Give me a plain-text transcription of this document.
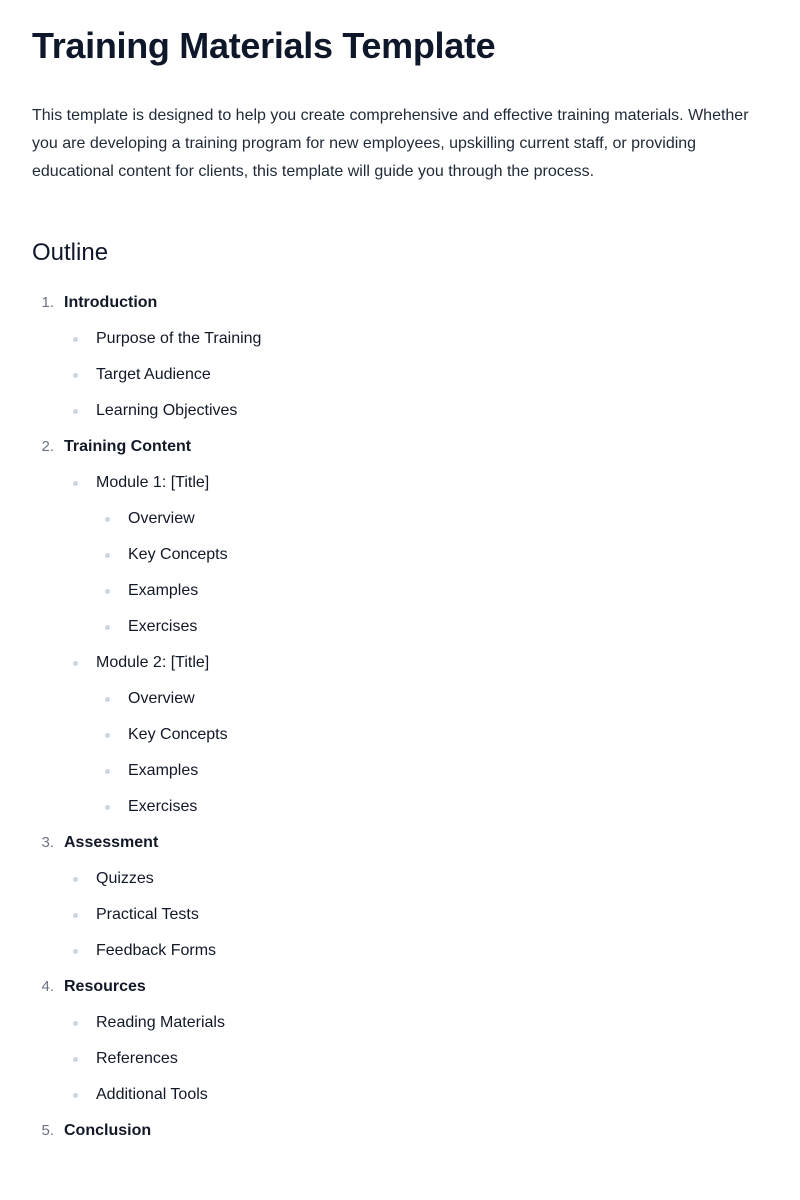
Training Materials Template

This template is designed to help you create comprehensive and effective training materials. Whether you are developing a training program for new employees, upskilling current staff, or providing educational content for clients, this template will guide you through the process.

Outline
1. Introduction
Purpose of the Training
Target Audience
Learning Objectives
2. Training Content
Module 1: [Title]
Overview
Key Concepts
Examples
Exercises
Module 2: [Title]
Overview
Key Concepts
Examples
Exercises
3. Assessment
Quizzes
Practical Tests
Feedback Forms
4. Resources
Reading Materials
References
Additional Tools
5. Conclusion
